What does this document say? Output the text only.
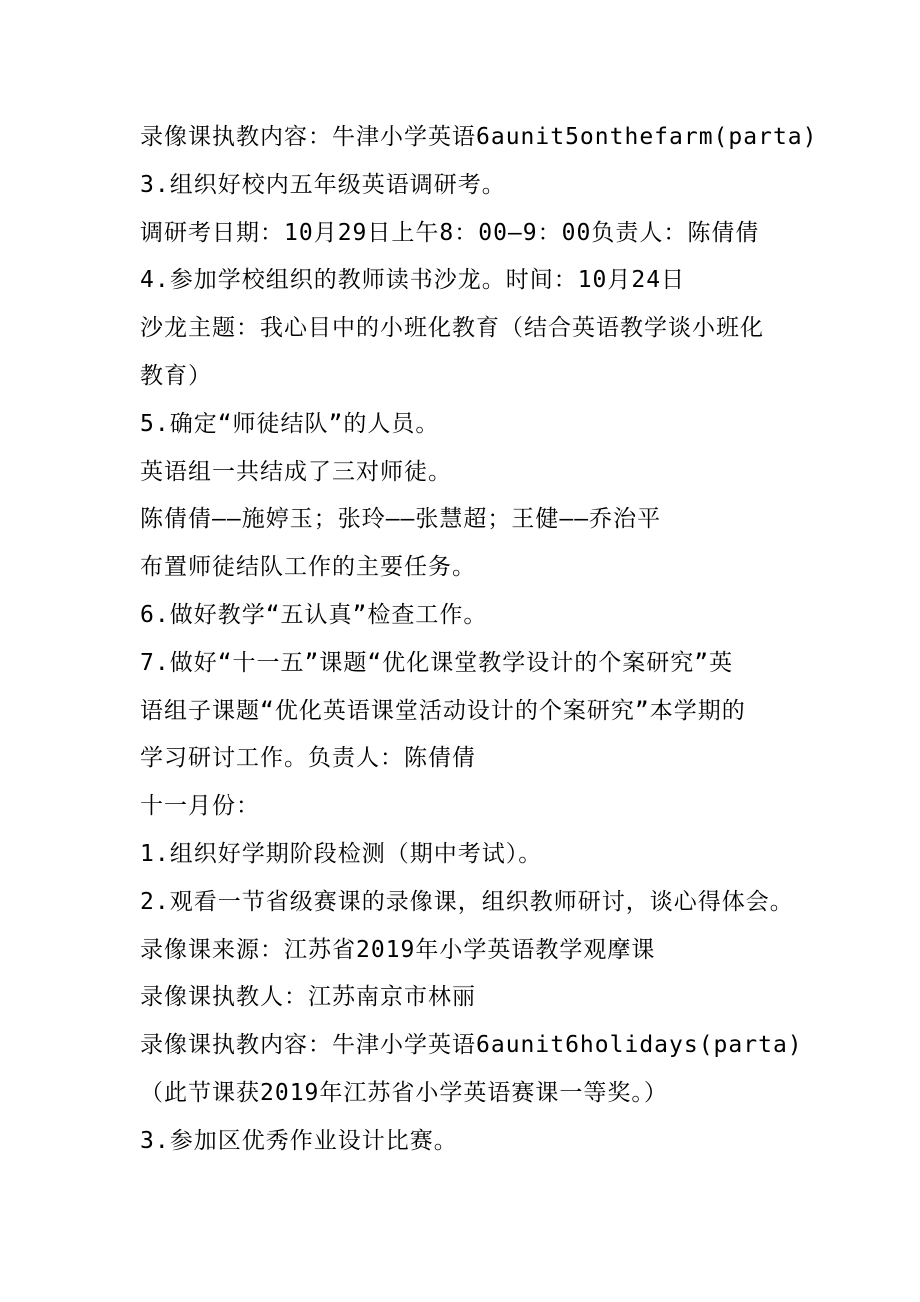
录像课执教内容：牛津小学英语6aunit5onthefarm(parta)
3.组织好校内五年级英语调研考。
调研考日期：10月29日上午8：00—9：00负责人：陈倩倩
4.参加学校组织的教师读书沙龙。时间：10月24日
沙龙主题：我心目中的小班化教育（结合英语教学谈小班化
教育）
5.确定“师徒结队”的人员。
英语组一共结成了三对师徒。
陈倩倩——施婷玉；张玲——张慧超；王健——乔治平
布置师徒结队工作的主要任务。
6.做好教学“五认真”检查工作。
7.做好“十一五”课题“优化课堂教学设计的个案研究”英
语组子课题“优化英语课堂活动设计的个案研究”本学期的
学习研讨工作。负责人：陈倩倩
十一月份：
1.组织好学期阶段检测（期中考试）。
2.观看一节省级赛课的录像课，组织教师研讨，谈心得体会。
录像课来源：江苏省2019年小学英语教学观摩课
录像课执教人：江苏南京市林丽
录像课执教内容：牛津小学英语6aunit6holidays(parta)
（此节课获2019年江苏省小学英语赛课一等奖。）
3.参加区优秀作业设计比赛。
